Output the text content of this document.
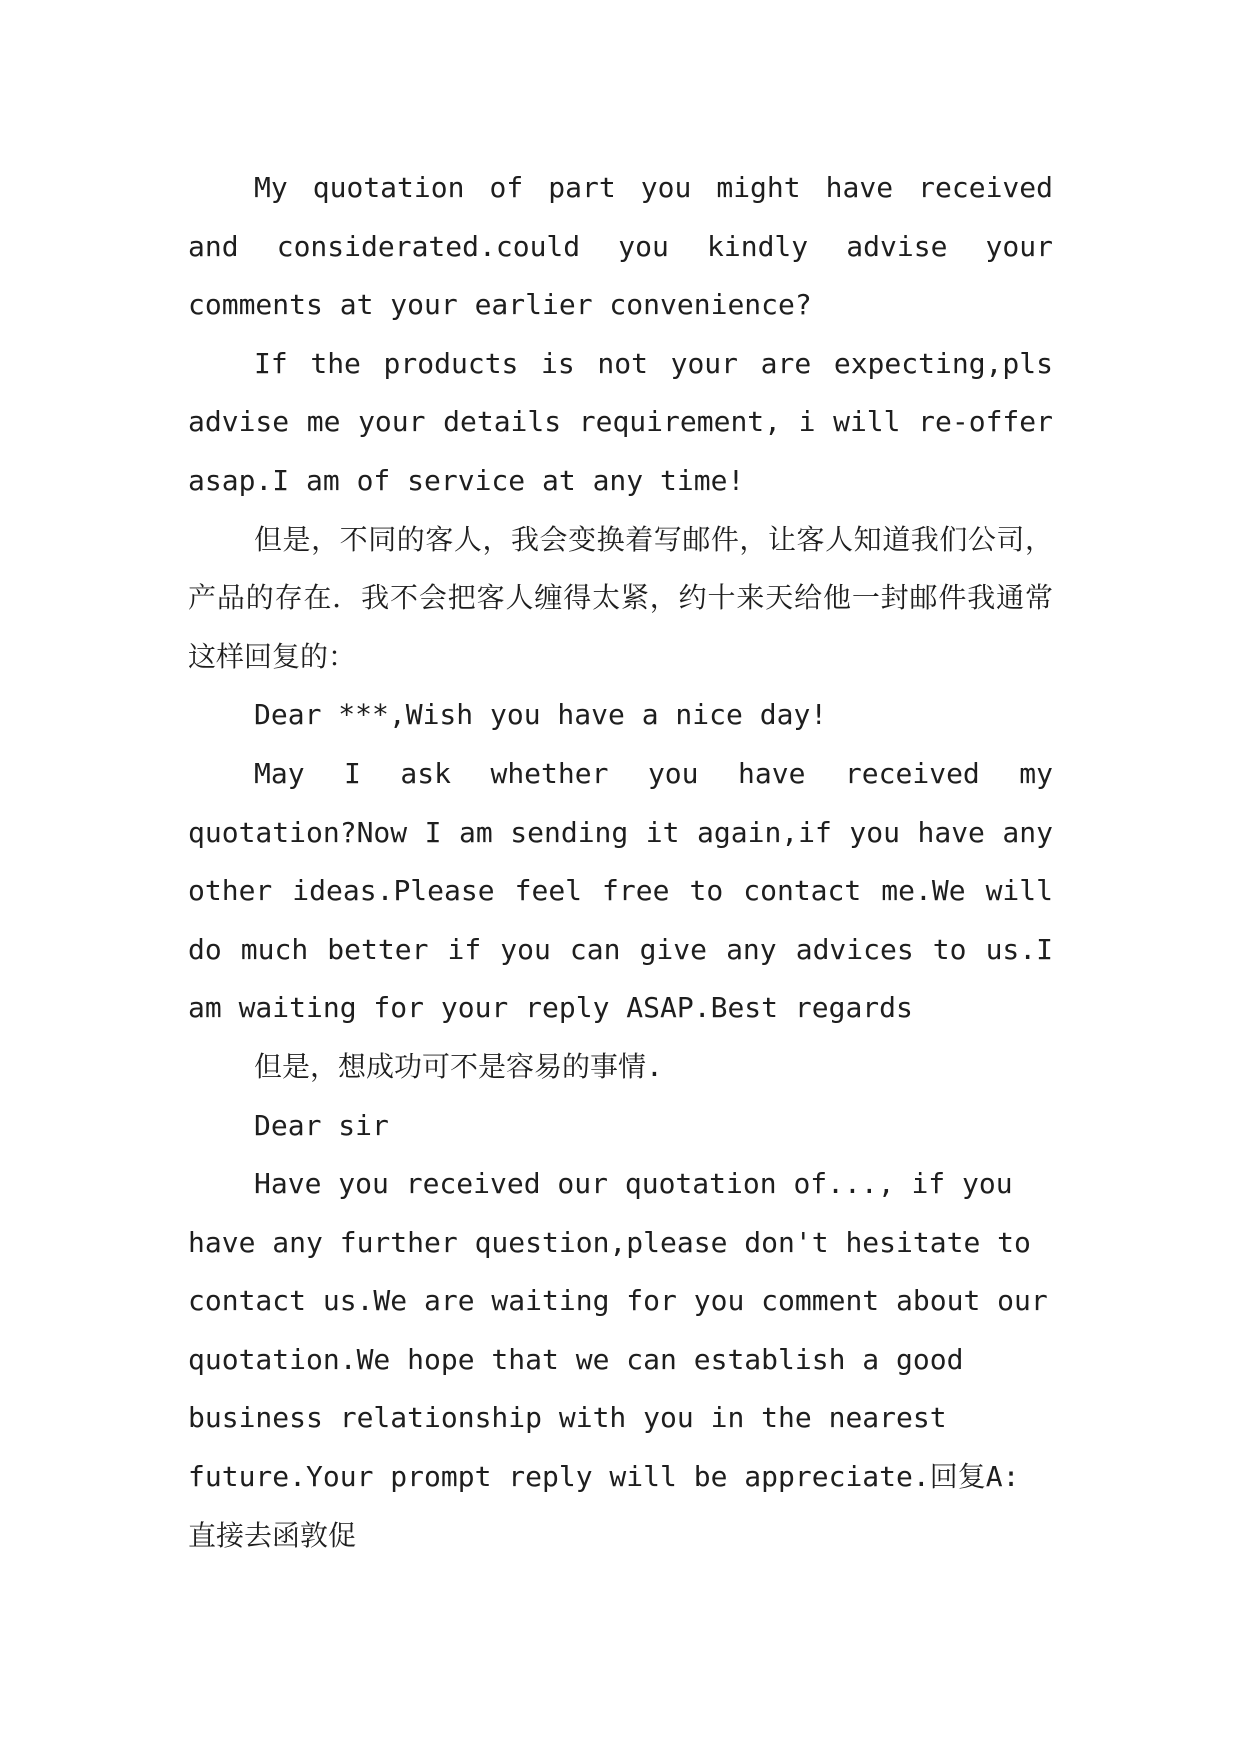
My quotation of part you might have received and considerated.could you kindly advise your comments at your earlier convenience?

If the products is not your are expecting,pls advise me your details requirement, i will re-offer asap.I am of service at any time!

但是，不同的客人，我会变换着写邮件，让客人知道我们公司，产品的存在．我不会把客人缠得太紧，约十来天给他一封邮件我通常这样回复的：

Dear ***,Wish you have a nice day!

May I ask whether you have received my quotation?Now I am sending it again,if you have any other ideas.Please feel free to contact me.We will do much better if you can give any advices to us.I am waiting for your reply ASAP.Best regards

但是，想成功可不是容易的事情.

Dear sir

Have you received our quotation of..., if you have any further question,please don't hesitate to contact us.We are waiting for you comment about our quotation.We hope that we can establish a good business relationship with you in the nearest future.Your prompt reply will be appreciate.回复A: 直接去函敦促
